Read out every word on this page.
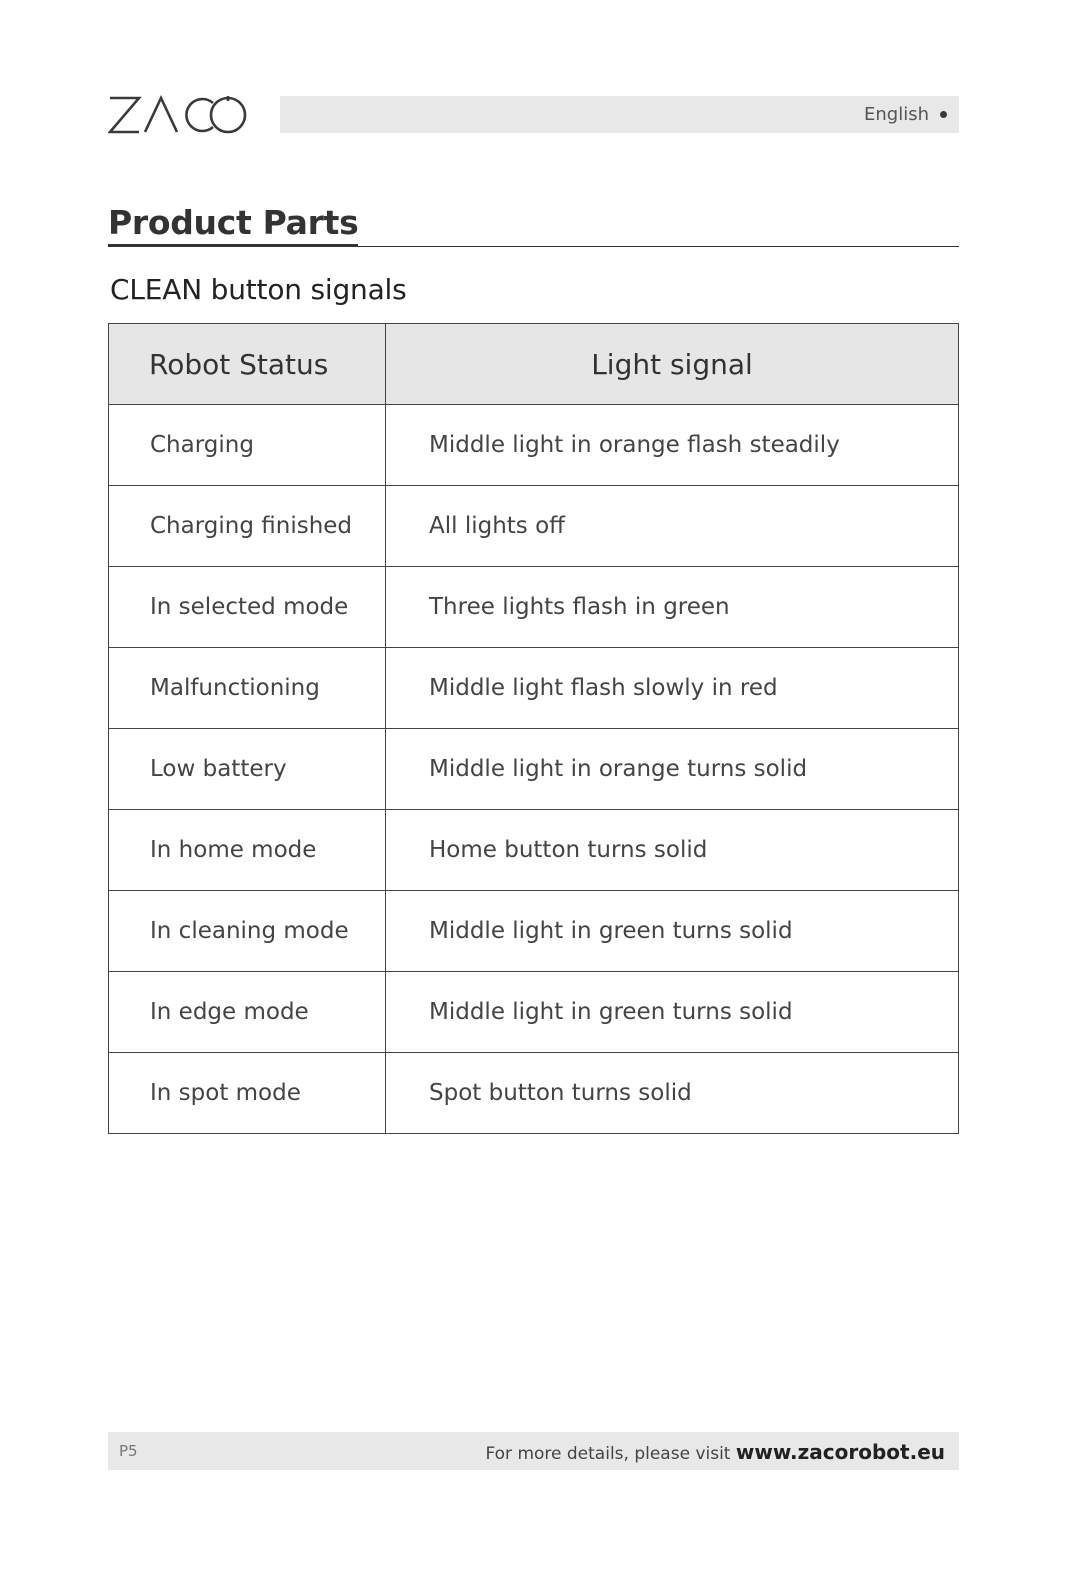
English
Product Parts
CLEAN button signals
Robot Status	Light signal
Charging	Middle light in orange flash steadily
Charging finished	All lights off
In selected mode	Three lights flash in green
Malfunctioning	Middle light flash slowly in red
Low battery	Middle light in orange turns solid
In home mode	Home button turns solid
In cleaning mode	Middle light in green turns solid
In edge mode	Middle light in green turns solid
In spot mode	Spot button turns solid
P5	For more details, please visit www.zacorobot.eu
